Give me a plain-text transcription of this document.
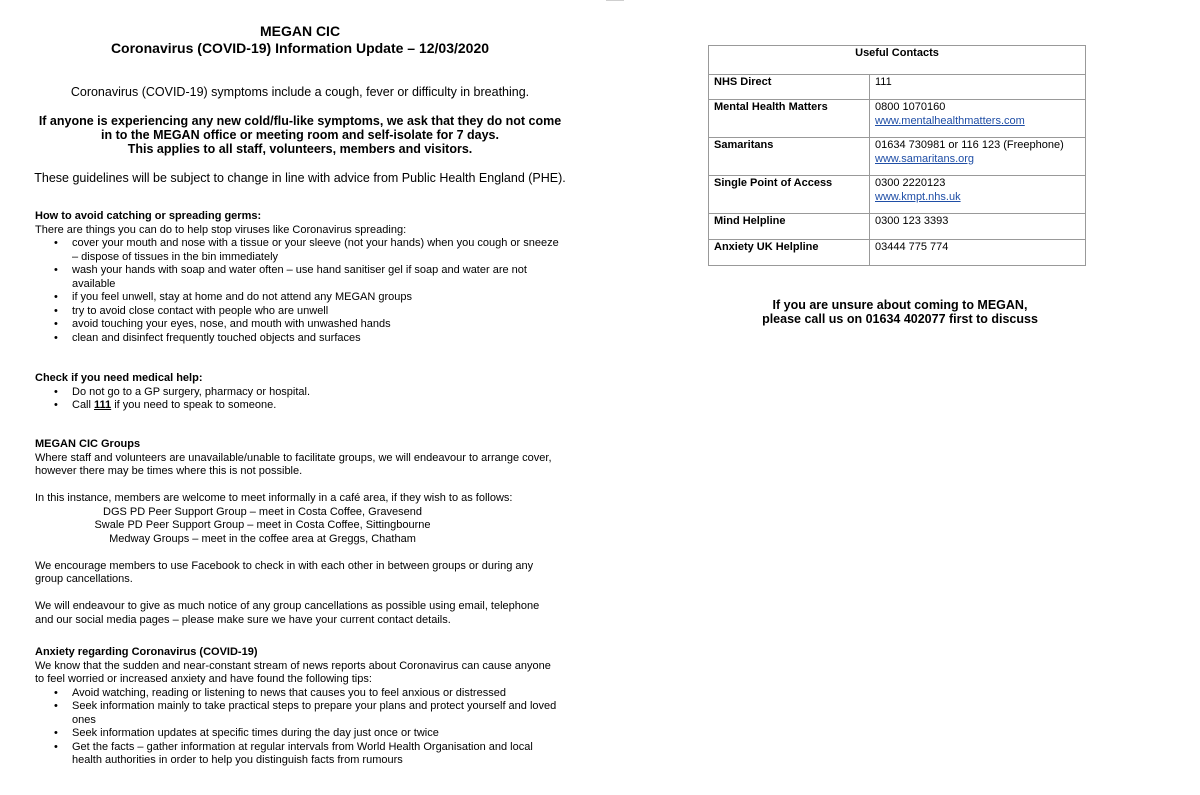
MEGAN CIC
Coronavirus (COVID-19) Information Update – 12/03/2020
Coronavirus (COVID-19) symptoms include a cough, fever or difficulty in breathing.
If anyone is experiencing any new cold/flu-like symptoms, we ask that they do not come
in to the MEGAN office or meeting room and self-isolate for 7 days.
This applies to all staff, volunteers, members and visitors.
These guidelines will be subject to change in line with advice from Public Health England (PHE).
How to avoid catching or spreading germs:

There are things you can do to help stop viruses like Coronavirus spreading:

• cover your mouth and nose with a tissue or your sleeve (not your hands) when you cough or sneeze – dispose of tissues in the bin immediately
• wash your hands with soap and water often – use hand sanitiser gel if soap and water are not available
• if you feel unwell, stay at home and do not attend any MEGAN groups
• try to avoid close contact with people who are unwell
• avoid touching your eyes, nose, and mouth with unwashed hands
• clean and disinfect frequently touched objects and surfaces
Check if you need medical help:
• Do not go to a GP surgery, pharmacy or hospital.
• Call 111 if you need to speak to someone.
MEGAN CIC Groups

Where staff and volunteers are unavailable/unable to facilitate groups, we will endeavour to arrange cover, however there may be times where this is not possible.

In this instance, members are welcome to meet informally in a café area, if they wish to as follows:

DGS PD Peer Support Group – meet in Costa Coffee, Gravesend

Swale PD Peer Support Group – meet in Costa Coffee, Sittingbourne

Medway Groups – meet in the coffee area at Greggs, Chatham

We encourage members to use Facebook to check in with each other in between groups or during any group cancellations.

We will endeavour to give as much notice of any group cancellations as possible using email, telephone and our social media pages – please make sure we have your current contact details.

Anxiety regarding Coronavirus (COVID-19)

We know that the sudden and near-constant stream of news reports about Coronavirus can cause anyone to feel worried or increased anxiety and have found the following tips:

• Avoid watching, reading or listening to news that causes you to feel anxious or distressed
• Seek information mainly to take practical steps to prepare your plans and protect yourself and loved ones
• Seek information updates at specific times during the day just once or twice
• Get the facts – gather information at regular intervals from World Health Organisation and local health authorities in order to help you distinguish facts from rumours
Useful Contacts	
NHS Direct	111
Mental Health Matters	0800 1070160
www.mentalhealthmatters.com
Samaritans	01634 730981 or 116 123 (Freephone)
www.samaritans.org
Single Point of Access	0300 2220123
www.kmpt.nhs.uk
Mind Helpline	0300 123 3393
Anxiety UK Helpline	03444 775 774
If you are unsure about coming to MEGAN,
please call us on 01634 402077 first to discuss
